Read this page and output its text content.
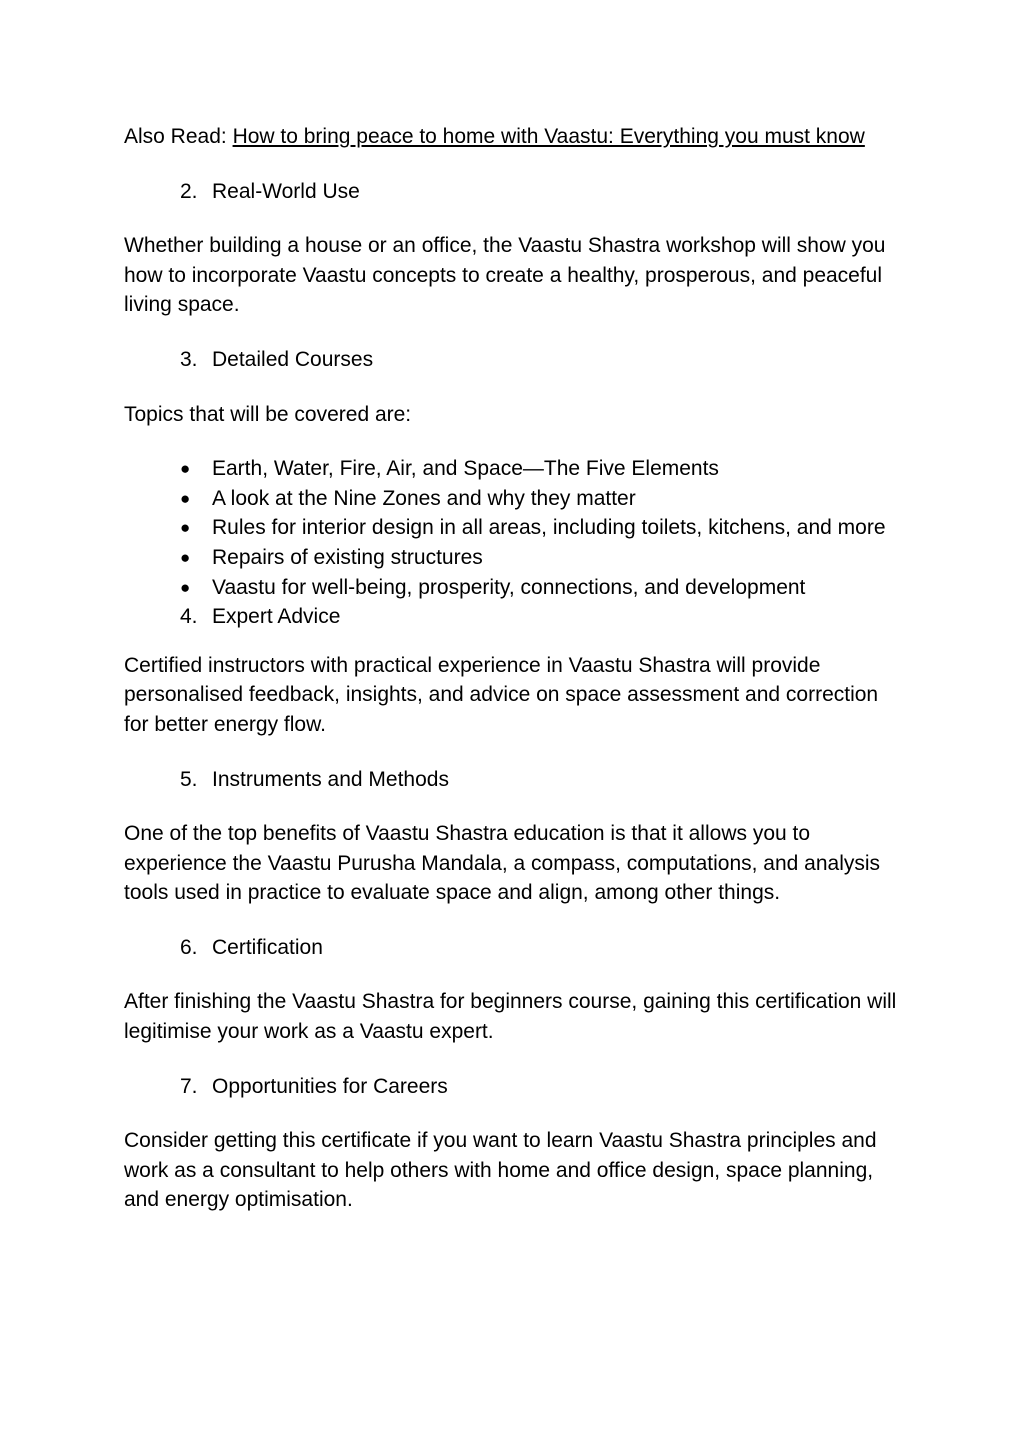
Also Read: How to bring peace to home with Vaastu: Everything you must know

2. Real-World Use

Whether building a house or an office, the Vaastu Shastra workshop will show you how to incorporate Vaastu concepts to create a healthy, prosperous, and peaceful living space.

3. Detailed Courses

Topics that will be covered are:

● Earth, Water, Fire, Air, and Space—The Five Elements
● A look at the Nine Zones and why they matter
● Rules for interior design in all areas, including toilets, kitchens, and more
● Repairs of existing structures
● Vaastu for well-being, prosperity, connections, and development
4. Expert Advice

Certified instructors with practical experience in Vaastu Shastra will provide personalised feedback, insights, and advice on space assessment and correction for better energy flow.

5. Instruments and Methods

One of the top benefits of Vaastu Shastra education is that it allows you to experience the Vaastu Purusha Mandala, a compass, computations, and analysis tools used in practice to evaluate space and align, among other things.

6. Certification

After finishing the Vaastu Shastra for beginners course, gaining this certification will legitimise your work as a Vaastu expert.

7. Opportunities for Careers

Consider getting this certificate if you want to learn Vaastu Shastra principles and work as a consultant to help others with home and office design, space planning, and energy optimisation.
